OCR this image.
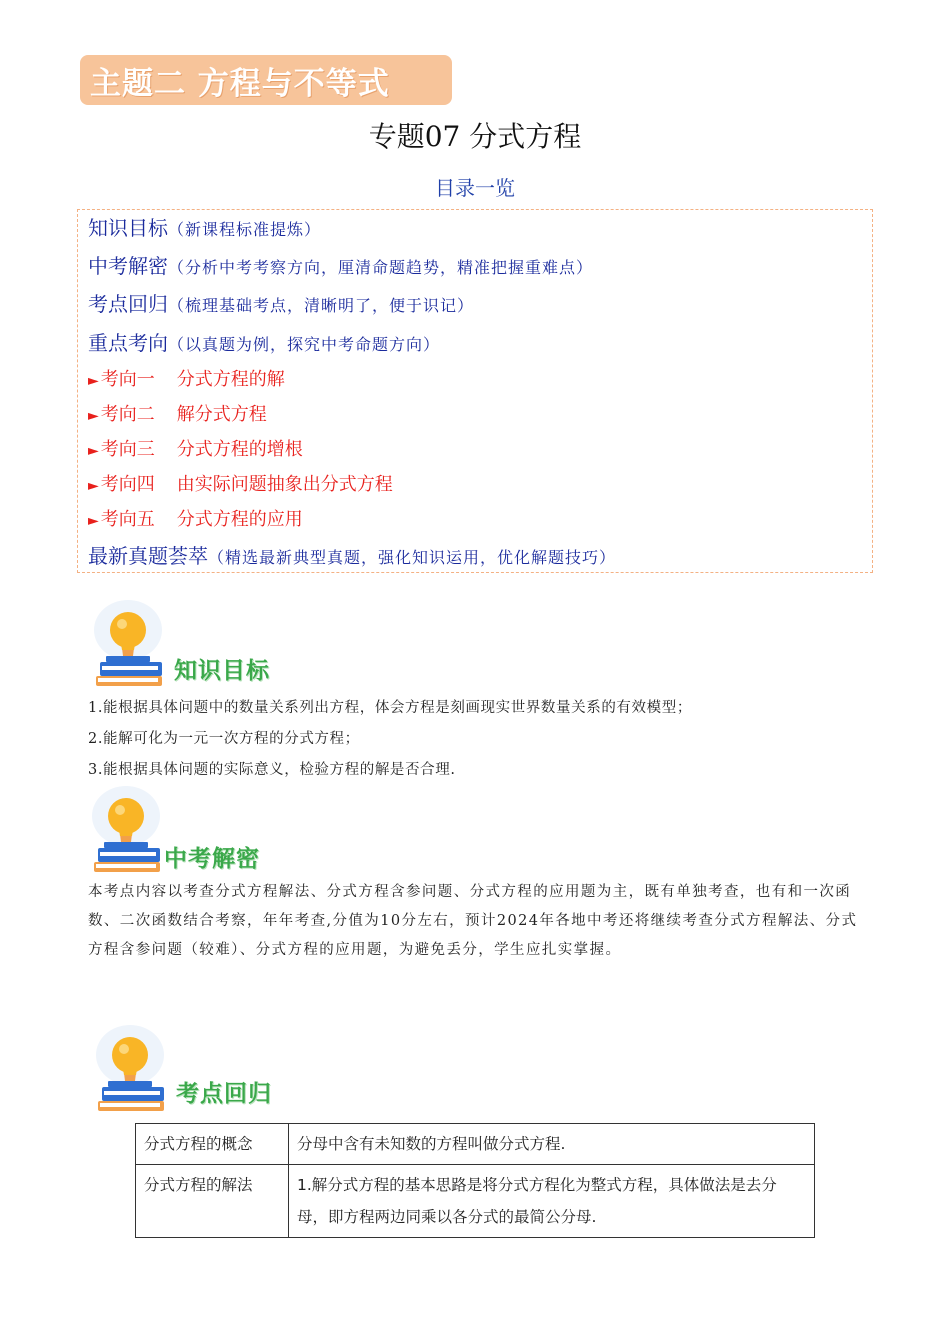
主题二 方程与不等式
专题07 分式方程
目录一览
知识目标（新课程标准提炼）
中考解密（分析中考考察方向，厘清命题趋势，精准把握重难点）
考点回归（梳理基础考点，清晰明了，便于识记）
重点考向（以真题为例，探究中考命题方向）
► 考向一 分式方程的解
► 考向二 解分式方程
► 考向三 分式方程的增根
► 考向四 由实际问题抽象出分式方程
► 考向五 分式方程的应用
最新真题荟萃（精选最新典型真题，强化知识运用，优化解题技巧）
知识目标
1.能根据具体问题中的数量关系列出方程，体会方程是刻画现实世界数量关系的有效模型；
2.能解可化为一元一次方程的分式方程；
3.能根据具体问题的实际意义，检验方程的解是否合理.
中考解密
本考点内容以考查分式方程解法、分式方程含参问题、分式方程的应用题为主，既有单独考查，也有和一次函数、二次函数结合考察，年年考查,分值为10分左右，预计2024年各地中考还将继续考查分式方程解法、分式方程含参问题（较难）、分式方程的应用题，为避免丢分，学生应扎实掌握。
考点回归
分式方程的概念	分母中含有未知数的方程叫做分式方程.
分式方程的解法	1.解分式方程的基本思路是将分式方程化为整式方程，具体做法是去分母，即方程两边同乘以各分式的最简公分母.
